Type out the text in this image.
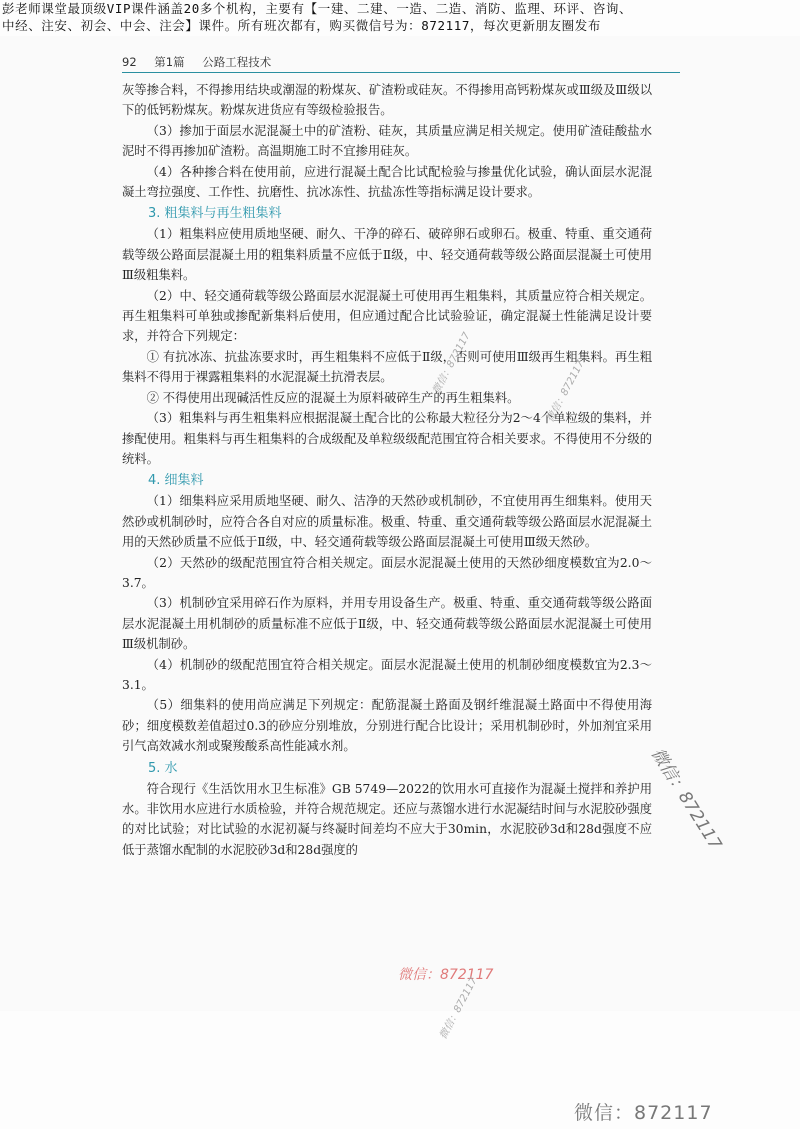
彭老师课堂最顶级VIP课件涵盖20多个机构，主要有【一建、二建、一造、二造、消防、监理、环评、咨询、
中经、注安、初会、中会、注会】课件。所有班次都有，购买微信号为：872117，每次更新朋友圈发布
92 第1篇 公路工程技术

灰等掺合料，不得掺用结块或潮湿的粉煤灰、矿渣粉或硅灰。不得掺用高钙粉煤灰或Ⅲ级及Ⅲ级以下的低钙粉煤灰。粉煤灰进货应有等级检验报告。

（3）掺加于面层水泥混凝土中的矿渣粉、硅灰，其质量应满足相关规定。使用矿渣硅酸盐水泥时不得再掺加矿渣粉。高温期施工时不宜掺用硅灰。

（4）各种掺合料在使用前，应进行混凝土配合比试配检验与掺量优化试验，确认面层水泥混凝土弯拉强度、工作性、抗磨性、抗冰冻性、抗盐冻性等指标满足设计要求。

3. 粗集料与再生粗集料

（1）粗集料应使用质地坚硬、耐久、干净的碎石、破碎卵石或卵石。极重、特重、重交通荷载等级公路面层混凝土用的粗集料质量不应低于Ⅱ级，中、轻交通荷载等级公路面层混凝土可使用Ⅲ级粗集料。

（2）中、轻交通荷载等级公路面层水泥混凝土可使用再生粗集料，其质量应符合相关规定。再生粗集料可单独或掺配新集料后使用，但应通过配合比试验验证，确定混凝土性能满足设计要求，并符合下列规定：

① 有抗冰冻、抗盐冻要求时，再生粗集料不应低于Ⅱ级，否则可使用Ⅲ级再生粗集料。再生粗集料不得用于裸露粗集料的水泥混凝土抗滑表层。

② 不得使用出现碱活性反应的混凝土为原料破碎生产的再生粗集料。

（3）粗集料与再生粗集料应根据混凝土配合比的公称最大粒径分为2～4个单粒级的集料，并掺配使用。粗集料与再生粗集料的合成级配及单粒级级配范围宜符合相关要求。不得使用不分级的统料。

4. 细集料

（1）细集料应采用质地坚硬、耐久、洁净的天然砂或机制砂，不宜使用再生细集料。使用天然砂或机制砂时，应符合各自对应的质量标准。极重、特重、重交通荷载等级公路面层水泥混凝土用的天然砂质量不应低于Ⅱ级，中、轻交通荷载等级公路面层混凝土可使用Ⅲ级天然砂。

（2）天然砂的级配范围宜符合相关规定。面层水泥混凝土使用的天然砂细度模数宜为2.0～3.7。

（3）机制砂宜采用碎石作为原料，并用专用设备生产。极重、特重、重交通荷载等级公路面层水泥混凝土用机制砂的质量标准不应低于Ⅱ级，中、轻交通荷载等级公路面层水泥混凝土可使用Ⅲ级机制砂。

（4）机制砂的级配范围宜符合相关规定。面层水泥混凝土使用的机制砂细度模数宜为2.3～3.1。

（5）细集料的使用尚应满足下列规定：配筋混凝土路面及钢纤维混凝土路面中不得使用海砂；细度模数差值超过0.3的砂应分别堆放，分别进行配合比设计；采用机制砂时，外加剂宜采用引气高效减水剂或聚羧酸系高性能减水剂。

5. 水

符合现行《生活饮用水卫生标准》GB 5749—2022的饮用水可直接作为混凝土搅拌和养护用水。非饮用水应进行水质检验，并符合规范规定。还应与蒸馏水进行水泥凝结时间与水泥胶砂强度的对比试验；对比试验的水泥初凝与终凝时间差均不应大于30min，水泥胶砂3d和28d强度不应低于蒸馏水配制的水泥胶砂3d和28d强度的

微信：872117	微信：872117
微信：872117
微信：872117
微信：872117
微信：872117
